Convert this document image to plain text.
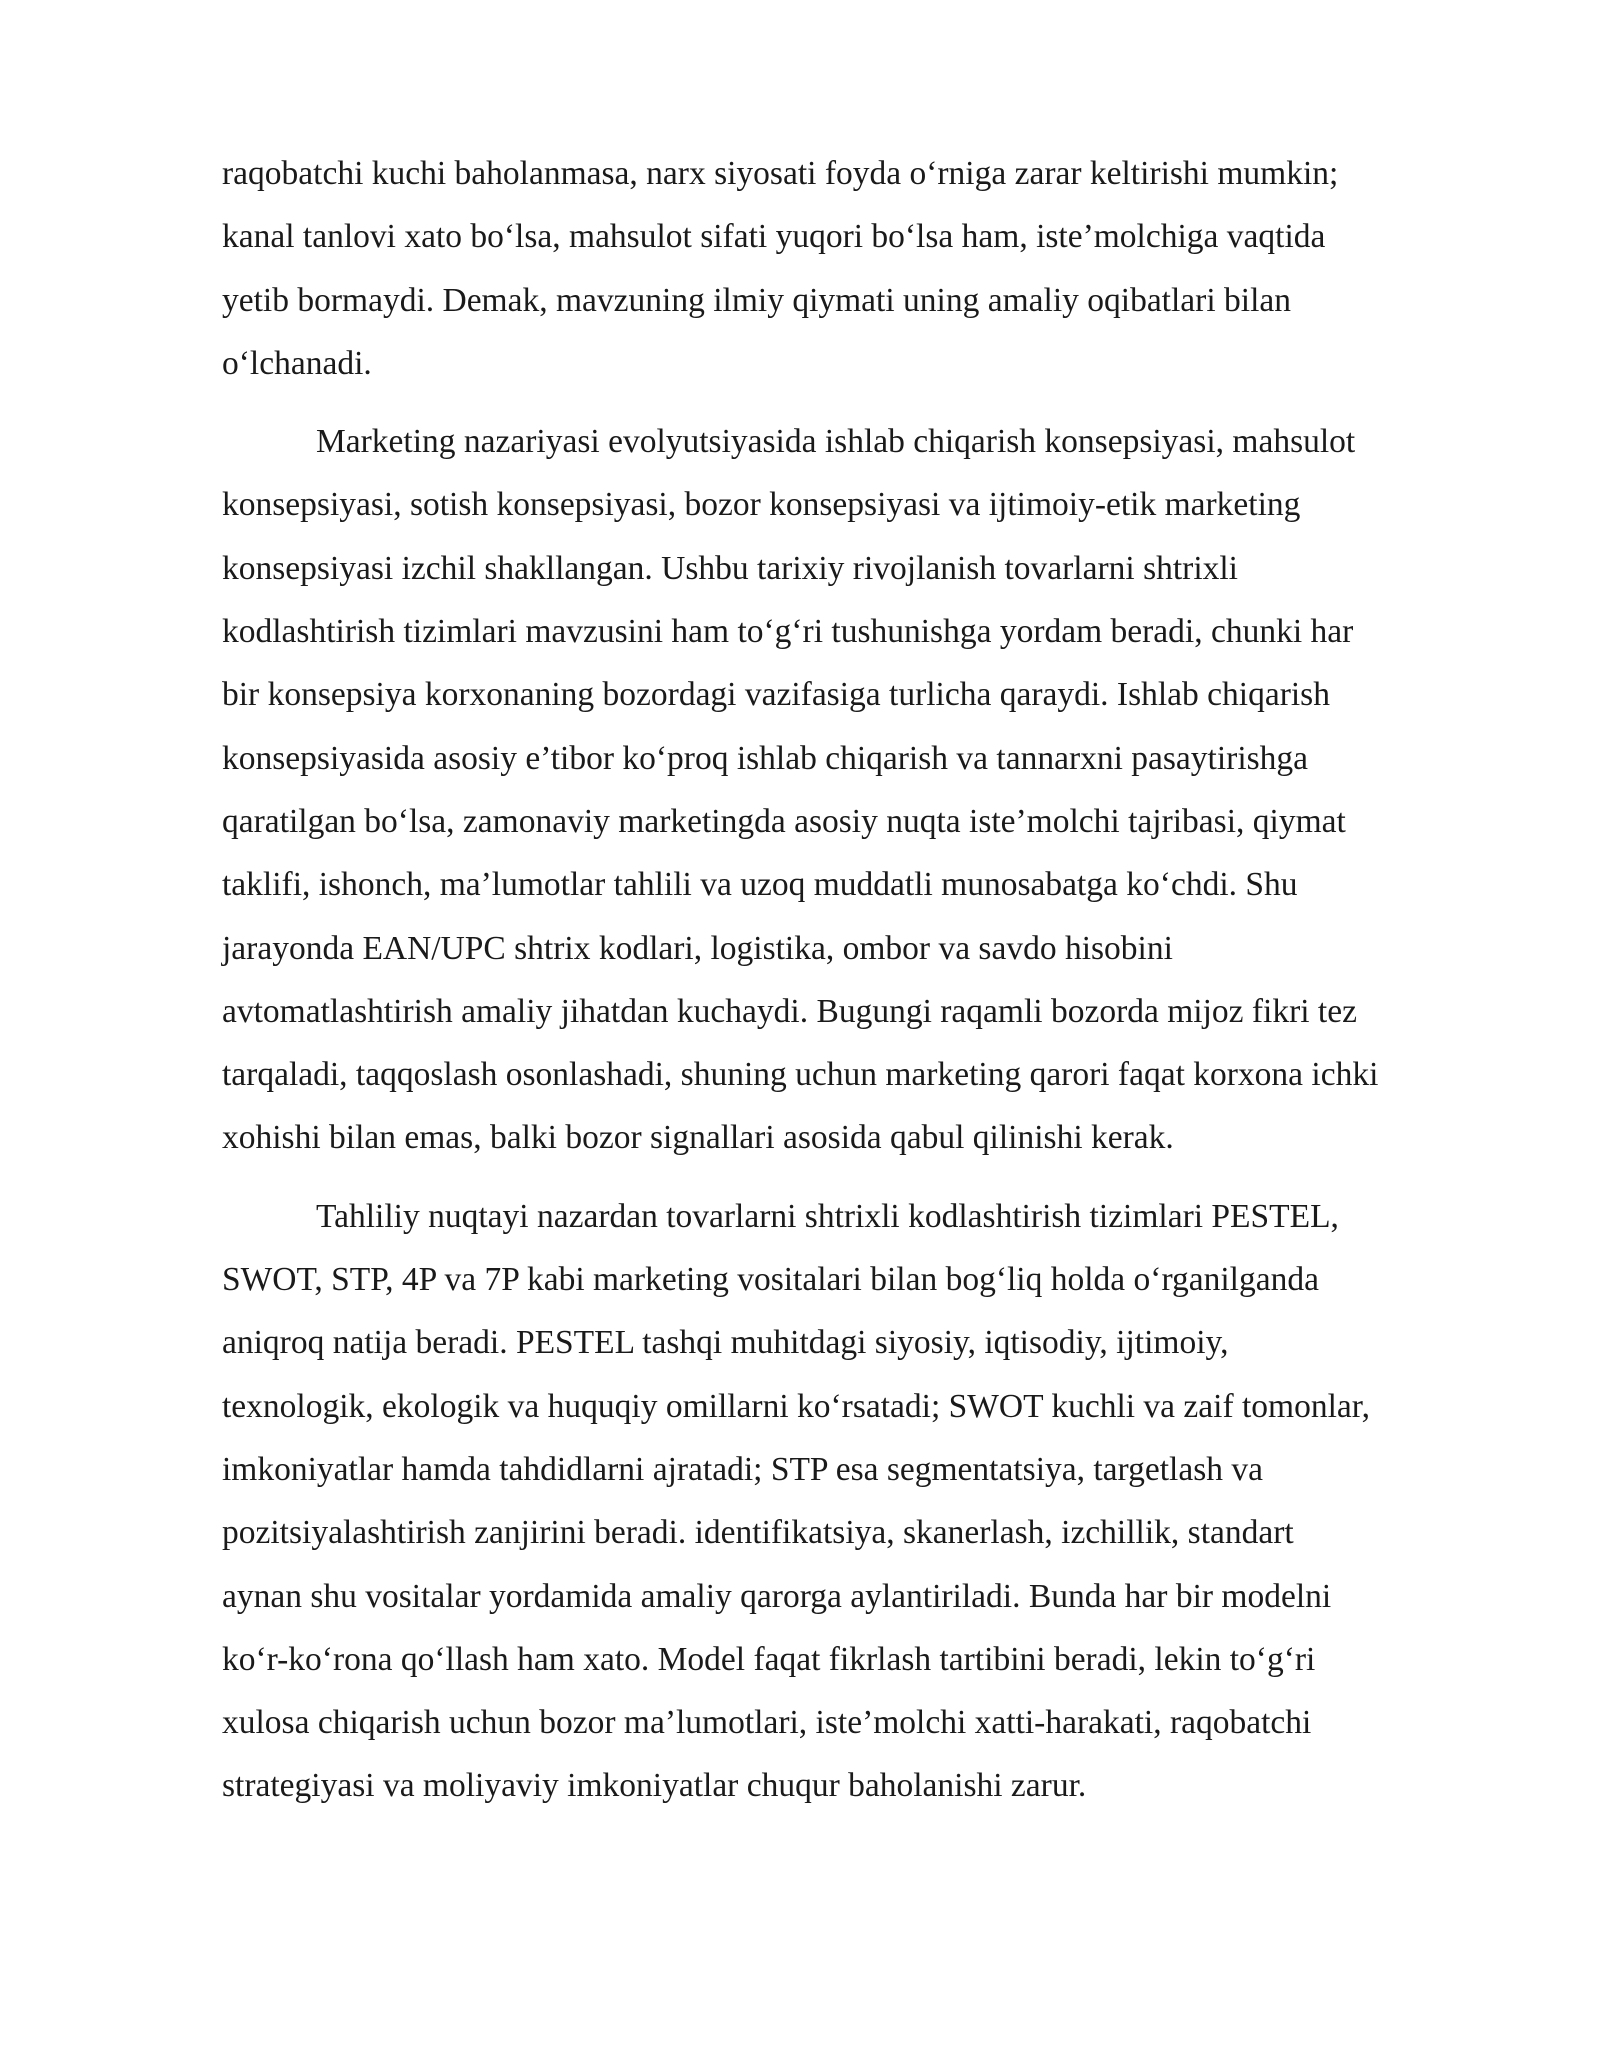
raqobatchi kuchi baholanmasa, narx siyosati foyda o‘rniga zarar keltirishi mumkin;
kanal tanlovi xato bo‘lsa, mahsulot sifati yuqori bo‘lsa ham, iste’molchiga vaqtida
yetib bormaydi. Demak, mavzuning ilmiy qiymati uning amaliy oqibatlari bilan
o‘lchanadi.
Marketing nazariyasi evolyutsiyasida ishlab chiqarish konsepsiyasi, mahsulot
konsepsiyasi, sotish konsepsiyasi, bozor konsepsiyasi va ijtimoiy-etik marketing
konsepsiyasi izchil shakllangan. Ushbu tarixiy rivojlanish tovarlarni shtrixli
kodlashtirish tizimlari mavzusini ham to‘g‘ri tushunishga yordam beradi, chunki har
bir konsepsiya korxonaning bozordagi vazifasiga turlicha qaraydi. Ishlab chiqarish
konsepsiyasida asosiy e’tibor ko‘proq ishlab chiqarish va tannarxni pasaytirishga
qaratilgan bo‘lsa, zamonaviy marketingda asosiy nuqta iste’molchi tajribasi, qiymat
taklifi, ishonch, ma’lumotlar tahlili va uzoq muddatli munosabatga ko‘chdi. Shu
jarayonda EAN/UPC shtrix kodlari, logistika, ombor va savdo hisobini
avtomatlashtirish amaliy jihatdan kuchaydi. Bugungi raqamli bozorda mijoz fikri tez
tarqaladi, taqqoslash osonlashadi, shuning uchun marketing qarori faqat korxona ichki
xohishi bilan emas, balki bozor signallari asosida qabul qilinishi kerak.
Tahliliy nuqtayi nazardan tovarlarni shtrixli kodlashtirish tizimlari PESTEL,
SWOT, STP, 4P va 7P kabi marketing vositalari bilan bog‘liq holda o‘rganilganda
aniqroq natija beradi. PESTEL tashqi muhitdagi siyosiy, iqtisodiy, ijtimoiy,
texnologik, ekologik va huquqiy omillarni ko‘rsatadi; SWOT kuchli va zaif tomonlar,
imkoniyatlar hamda tahdidlarni ajratadi; STP esa segmentatsiya, targetlash va
pozitsiyalashtirish zanjirini beradi. identifikatsiya, skanerlash, izchillik, standart
aynan shu vositalar yordamida amaliy qarorga aylantiriladi. Bunda har bir modelni
ko‘r-ko‘rona qo‘llash ham xato. Model faqat fikrlash tartibini beradi, lekin to‘g‘ri
xulosa chiqarish uchun bozor ma’lumotlari, iste’molchi xatti-harakati, raqobatchi
strategiyasi va moliyaviy imkoniyatlar chuqur baholanishi zarur.
